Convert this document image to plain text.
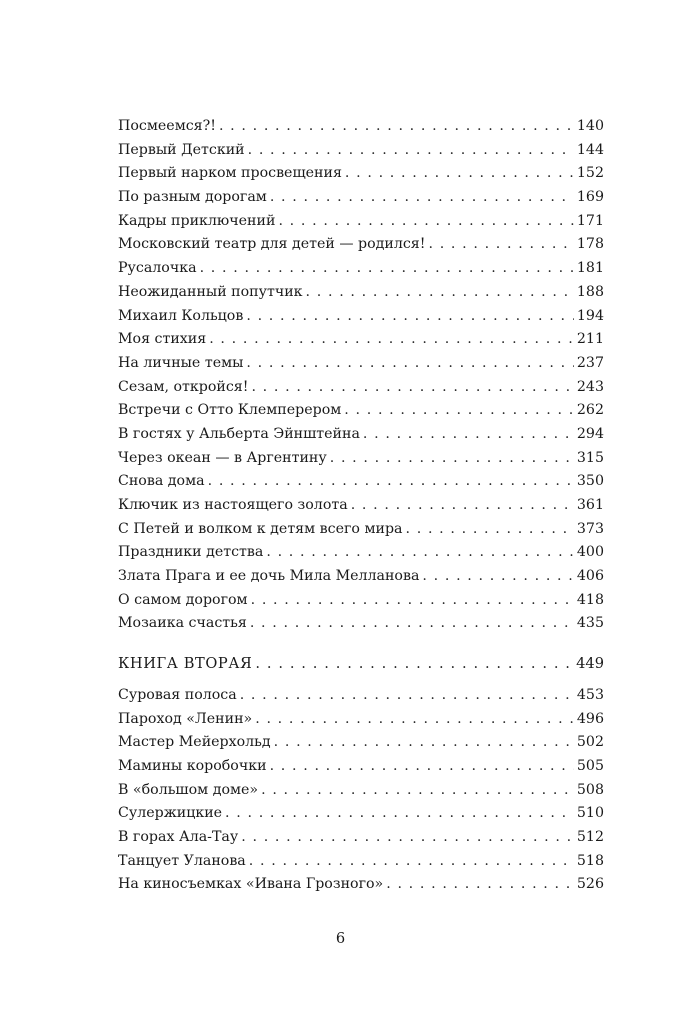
Посмеемся?! . . .	140
Первый Детский . . .	144
Первый нарком просвещения . . .	152
По разным дорогам . . .	169
Кадры приключений . . .	171
Московский театр для детей — родился! . . .	178
Русалочка . . .	181
Неожиданный попутчик . . .	188
Михаил Кольцов . . .	194
Моя стихия . . .	211
На личные темы . . .	237
Сезам, откройся! . . .	243
Встречи с Отто Клемперером . . .	262
В гостях у Альберта Эйнштейна . . .	294
Через океан — в Аргентину . . .	315
Снова дома . . .	350
Ключик из настоящего золота . . .	361
С Петей и волком к детям всего мира . . .	373
Праздники детства . . .	400
Злата Прага и ее дочь Мила Мелланова . . .	406
О самом дорогом . . .	418
Мозаика счастья . . .	435
КНИГА ВТОРАЯ . . .	449
Суровая полоса . . .	453
Пароход «Ленин» . . .	496
Мастер Мейерхольд . . .	502
Мамины коробочки . . .	505
В «большом доме» . . .	508
Сулержицкие . . .	510
В горах Ала-Тау . . .	512
Танцует Уланова . . .	518
На киносъемках «Ивана Грозного» . . .	526
6
